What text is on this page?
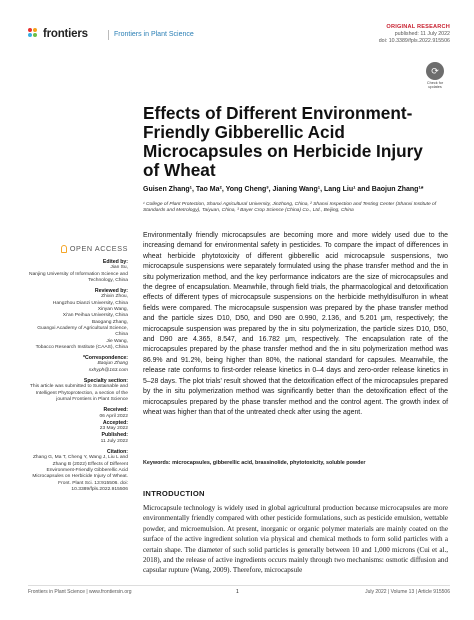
frontiers	Frontiers in Plant Science
ORIGINAL RESEARCH
published: 11 July 2022
doi: 10.3389/fpls.2022.915506
⟳
Check for updates
Effects of Different Environment-Friendly Gibberellic Acid Microcapsules on Herbicide Injury of Wheat
Guisen Zhang¹, Tao Ma², Yong Cheng³, Jianing Wang¹, Lang Liu¹ and Baojun Zhang¹*
¹ College of Plant Protection, Shanxi Agricultural University, Jinzhong, China, ² Shanxi Inspection and Testing Center (Shanxi Institute of Standards and Metrology), Taiyuan, China, ³ Bayer Crop Science (China) Co., Ltd., Beijing, China
OPEN ACCESS
Edited by:
Jian Su,
Nanjing University of Information Science and Technology, China
Reviewed by:
Zhixin Zhou,
Hangzhou Dianzi University, China
Xinyan Wang,
Xi'an Peihua University, China
Baogang Zhang,
Guangxi Academy of Agricultural Science, China
Jie Wang,
Tobacco Research Institute (CAAS), China
*Correspondence:
Baojun Zhang
sxhyph@163.com
Specialty section:
This article was submitted to Sustainable and Intelligent Phytoprotection, a section of the journal Frontiers in Plant Science
Received:
06 April 2022
Accepted:
23 May 2022
Published:
11 July 2022
Citation:
Zhang G, Ma T, Cheng Y, Wang J, Liu L and Zhang B (2022) Effects of Different Environment-Friendly Gibberellic Acid Microcapsules on Herbicide Injury of Wheat. Front. Plant Sci. 13:915506. doi: 10.3389/fpls.2022.915506

Environmentally friendly microcapsules are becoming more and more widely used due to the increasing demand for environmental safety in pesticides. To compare the impact of differences in wheat herbicide phytotoxicity of different gibberellic acid microcapsule suspensions, two microcapsule suspensions were separately formulated using the phase transfer method and the in situ polymerization method, and the key performance indicators are the size of microcapsules and the degree of encapsulation. Meanwhile, through field trials, the pharmacological and detoxification effects of different types of microcapsule suspensions on the herbicide methyldisulfuron in wheat fields were compared. The microcapsule suspension was prepared by the phase transfer method and the particle sizes D10, D50, and D90 are 0.990, 2.136, and 5.201 μm, respectively; the microcapsule suspension was prepared by the in situ polymerization, the particle sizes D10, D50, and D90 are 4.365, 8.547, and 16.782 μm, respectively. The encapsulation rate of the microcapsules prepared by the phase transfer method and the in situ polymerization method was 86.9% and 91.2%, being higher than 80%, the national standard for capsules. Meanwhile, the release rate conforms to first-order release kinetics in 0–4 days and zero-order release kinetics in 5–28 days. The plot trials' result showed that the detoxification effect of the microcapsules prepared by the in situ polymerization method was significantly better than the detoxification effect of the microcapsules prepared by the phase transfer method and the control agent. The growth index of wheat was higher than that of the untreated check after using the agent.

Keywords: microcapsules, gibberellic acid, brassinolide, phytotoxicity, soluble powder
INTRODUCTION

Microcapsule technology is widely used in global agricultural production because microcapsules are more environmentally friendly compared with other pesticide formulations, such as pesticide emulsion, wettable powder, and microemulsion. At present, inorganic or organic polymer materials are mainly coated on the surface of the active ingredient solution via physical and chemical methods to form solid particles with a certain shape. The diameter of such solid particles is generally between 10 and 1,000 microns (Cui et al., 2018), and the release of active ingredients occurs mainly through two mechanisms: osmotic diffusion and capsular rupture (Wang, 2009). Therefore, microcapsule

Frontiers in Plant Science | www.frontiersin.org	1	July 2022 | Volume 13 | Article 915506
